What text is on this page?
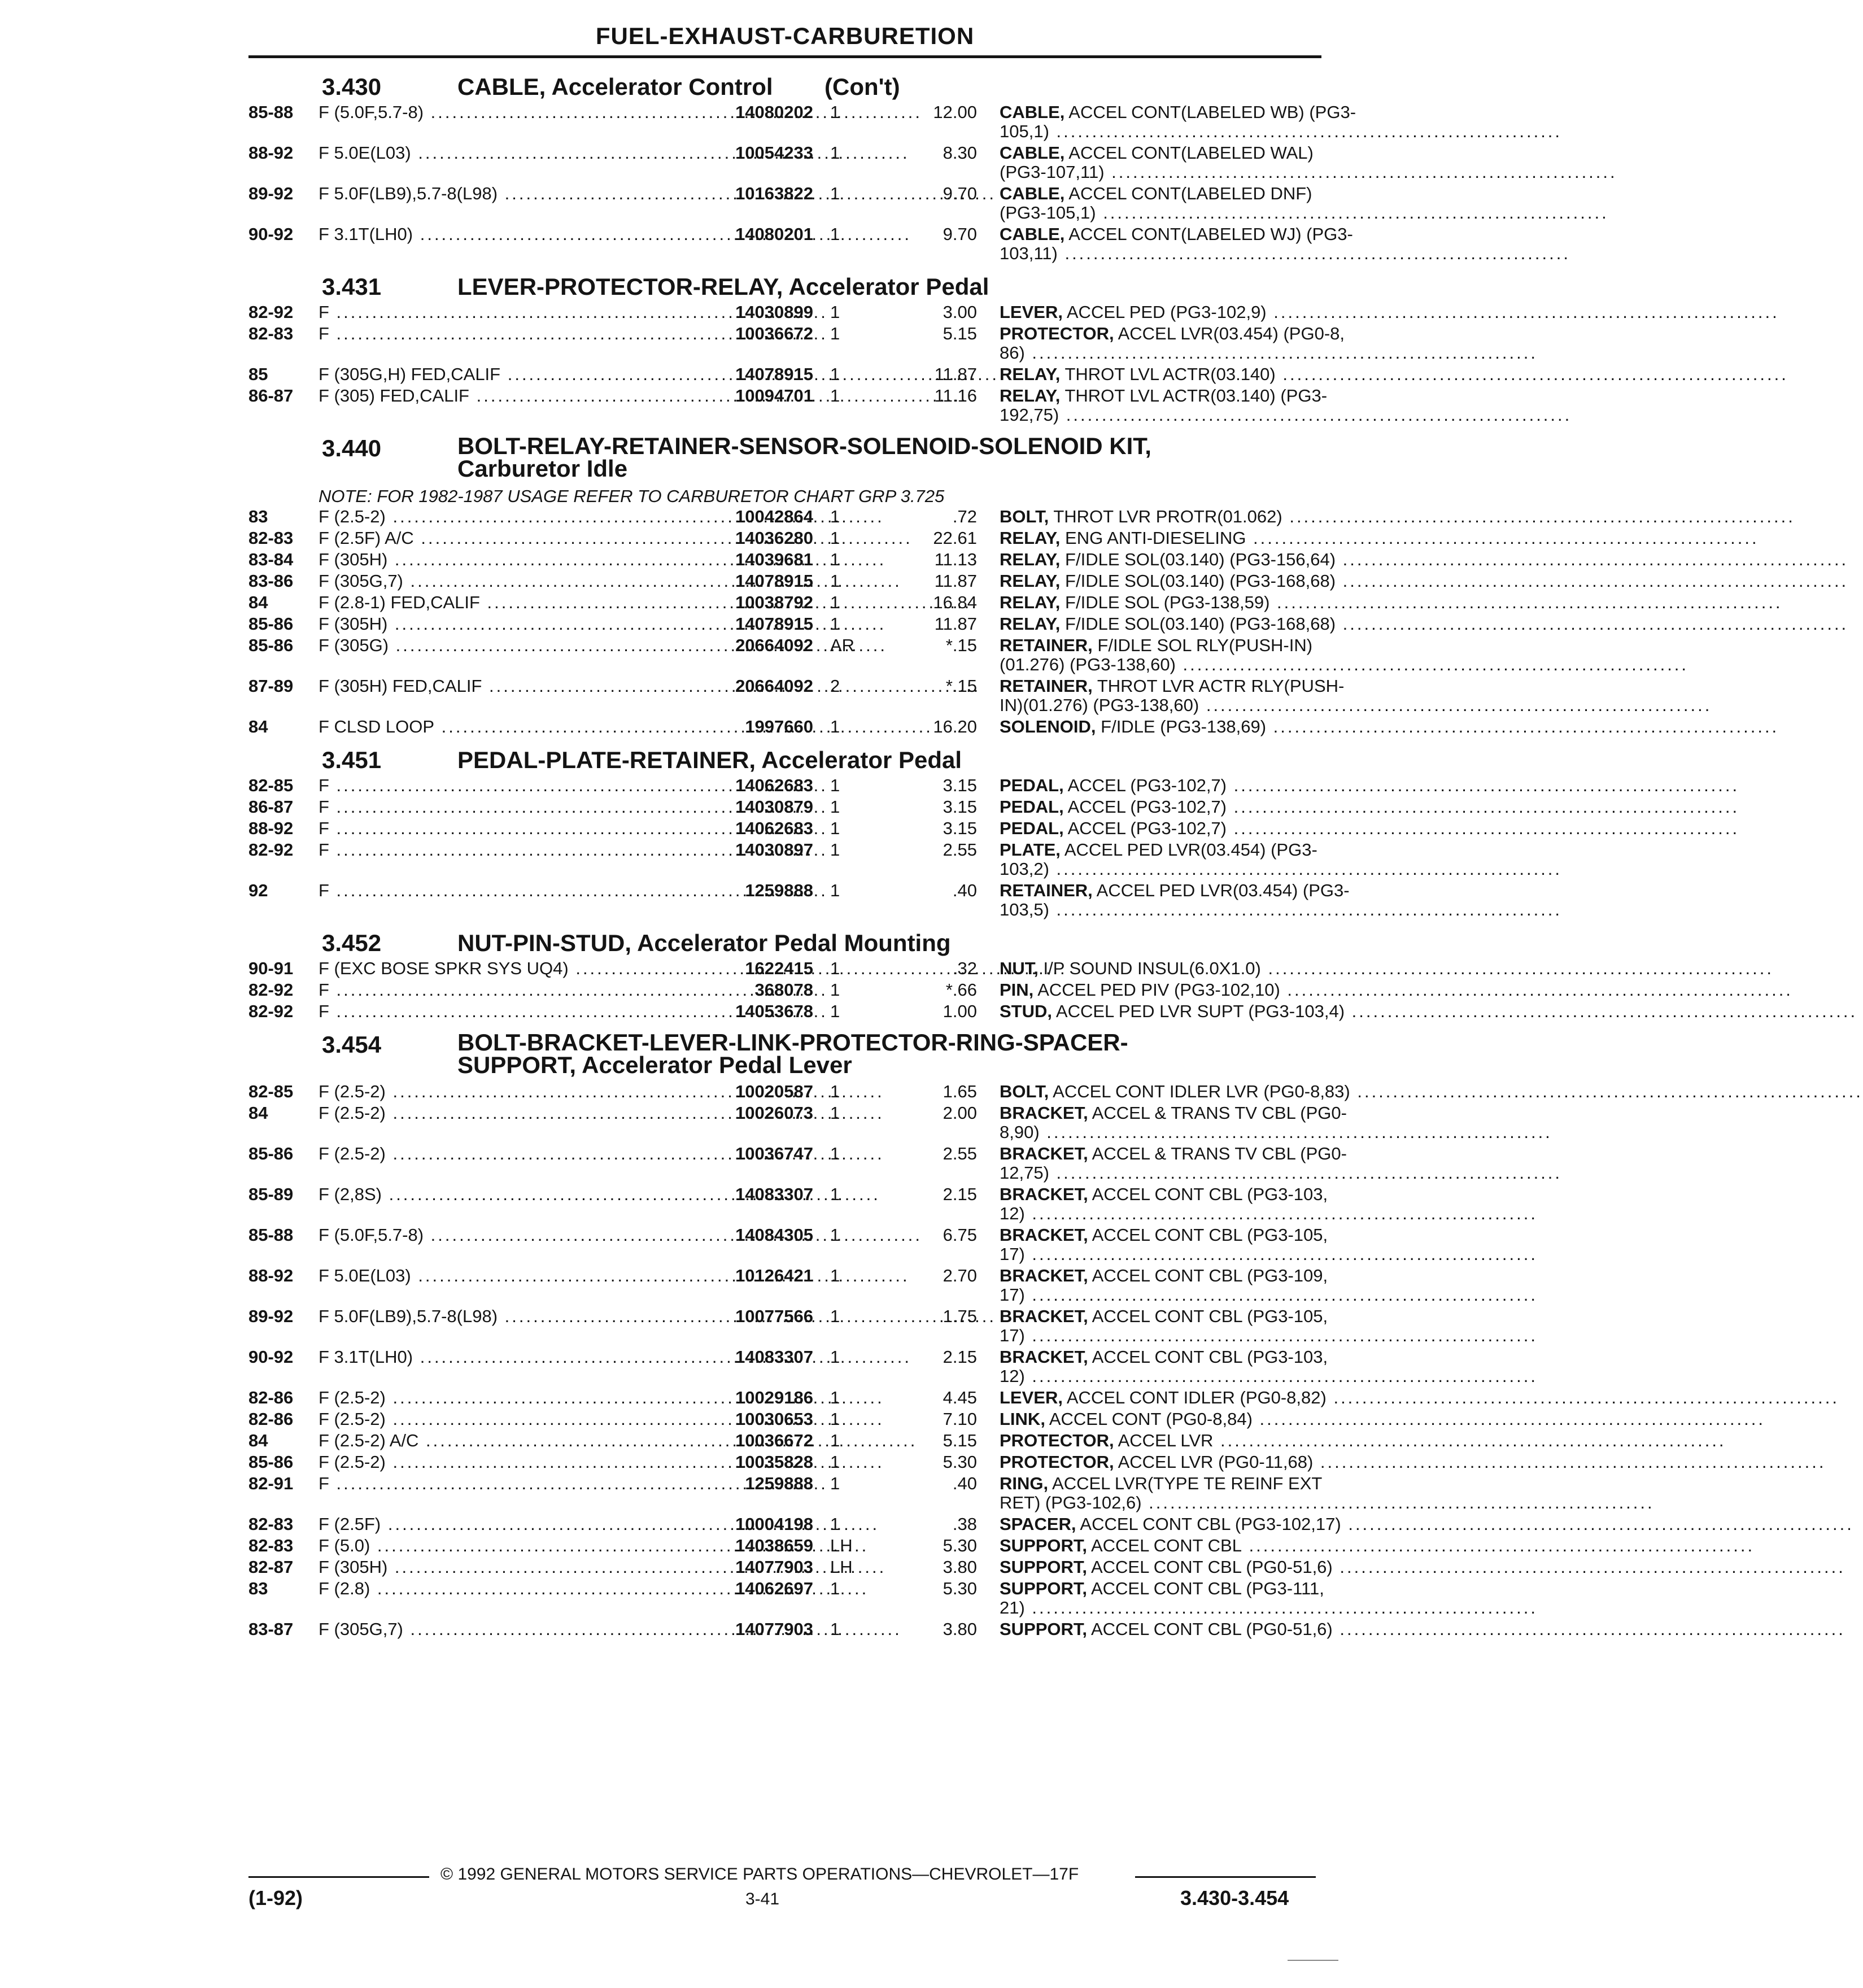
FUEL-EXHAUST-CARBURETION
3.430	CABLE, Accelerator Control	(Con't)
85-88 F (5.0F,5.7-8) .....	14080202 1	12.00 CABLE, ACCEL CONT(LABELED WB) (PG3-
105,1) .....
88-92 F 5.0E(L03) .....	10054233 1	8.30 CABLE, ACCEL CONT(LABELED WAL)
(PG3-107,11) .....
89-92 F 5.0F(LB9),5.7-8(L98) .....	10163822 1	9.70 CABLE, ACCEL CONT(LABELED DNF)
(PG3-105,1) .....
90-92 F 3.1T(LH0) .....	14080201 1	9.70 CABLE, ACCEL CONT(LABELED WJ) (PG3-
103,11) .....
3.431	LEVER-PROTECTOR-RELAY, Accelerator Pedal
82-92 F .....	14030899 1	3.00 LEVER, ACCEL PED (PG3-102,9) .....
82-83 F .....	10036672 1	5.15 PROTECTOR, ACCEL LVR(03.454) (PG0-8,
86) .....
85	F (305G,H) FED,CALIF .....	14078915 1	11.87 RELAY, THROT LVL ACTR(03.140) .....
86-87 F (305) FED,CALIF .....	10094701 1	11.16 RELAY, THROT LVL ACTR(03.140) (PG3-
192,75) .....
3.440	BOLT-RELAY-RETAINER-SENSOR-SOLENOID-SOLENOID KIT,
Carburetor Idle
NOTE: FOR 1982-1987 USAGE REFER TO CARBURETOR CHART GRP 3.725
83	F (2.5-2) .....	10042864 1	.72 BOLT, THROT LVR PROTR(01.062) .....
82-83 F (2.5F) A/C .....	14036280 1	22.61 RELAY, ENG ANTI-DIESELING .....
83-84 F (305H) .....	14039681 1	11.13 RELAY, F/IDLE SOL(03.140) (PG3-156,64) .....
83-86 F (305G,7) .....	14078915 1	11.87 RELAY, F/IDLE SOL(03.140) (PG3-168,68) .....
84	F (2.8-1) FED,CALIF .....	10038792 1	16.84 RELAY, F/IDLE SOL (PG3-138,59) .....
85-86 F (305H) .....	14078915 1	11.87 RELAY, F/IDLE SOL(03.140) (PG3-168,68) .....
85-86 F (305G) .....	20664092 AR	*.15 RETAINER, F/IDLE SOL RLY(PUSH-IN)
(01.276) (PG3-138,60) .....
87-89 F (305H) FED,CALIF .....	20664092 2	*.15 RETAINER, THROT LVR ACTR RLY(PUSH-
IN)(01.276) (PG3-138,60) .....
84	F CLSD LOOP .....	1997660 1	16.20 SOLENOID, F/IDLE (PG3-138,69) .....
3.451	PEDAL-PLATE-RETAINER, Accelerator Pedal
82-85 F .....	14062683 1	3.15 PEDAL, ACCEL (PG3-102,7) .....
86-87 F .....	14030879 1	3.15 PEDAL, ACCEL (PG3-102,7) .....
88-92 F .....	14062683 1	3.15 PEDAL, ACCEL (PG3-102,7) .....
82-92 F .....	14030897 1	2.55 PLATE, ACCEL PED LVR(03.454) (PG3-
103,2) .....
92	F .....	1259888 1	.40 RETAINER, ACCEL PED LVR(03.454) (PG3-
103,5) .....
3.452	NUT-PIN-STUD, Accelerator Pedal Mounting
90-91 F (EXC BOSE SPKR SYS UQ4) .....	1622415 1	.32 NUT, I/P SOUND INSUL(6.0X1.0) .....
82-92 F .....	368078 1	*.66 PIN, ACCEL PED PIV (PG3-102,10) .....
82-92 F .....	14053678 1	1.00 STUD, ACCEL PED LVR SUPT (PG3-103,4) .....
3.454	BOLT-BRACKET-LEVER-LINK-PROTECTOR-RING-SPACER-
SUPPORT, Accelerator Pedal Lever
82-85 F (2.5-2) .....	10020587 1	1.65 BOLT, ACCEL CONT IDLER LVR (PG0-8,83) .....
84	F (2.5-2) .....	10026073 1	2.00 BRACKET, ACCEL & TRANS TV CBL (PG0-
8,90) .....
85-86 F (2.5-2) .....	10036747 1	2.55 BRACKET, ACCEL & TRANS TV CBL (PG0-
12,75) .....
85-89 F (2,8S) .....	14083307 1	2.15 BRACKET, ACCEL CONT CBL (PG3-103,
12) .....
85-88 F (5.0F,5.7-8) .....	14084305 1	6.75 BRACKET, ACCEL CONT CBL (PG3-105,
17) .....
88-92 F 5.0E(L03) .....	10126421 1	2.70 BRACKET, ACCEL CONT CBL (PG3-109,
17) .....
89-92 F 5.0F(LB9),5.7-8(L98) .....	10077566 1	1.75 BRACKET, ACCEL CONT CBL (PG3-105,
17) .....
90-92 F 3.1T(LH0) .....	14083307 1	2.15 BRACKET, ACCEL CONT CBL (PG3-103,
12) .....
82-86 F (2.5-2) .....	10029186 1	4.45 LEVER, ACCEL CONT IDLER (PG0-8,82) .....
82-86 F (2.5-2) .....	10030653 1	7.10 LINK, ACCEL CONT (PG0-8,84) .....
84	F (2.5-2) A/C .....	10036672 1	5.15 PROTECTOR, ACCEL LVR .....
85-86 F (2.5-2) .....	10035828 1	5.30 PROTECTOR, ACCEL LVR (PG0-11,68) .....
82-91 F .....	1259888 1	.40 RING, ACCEL LVR(TYPE TE REINF EXT
RET) (PG3-102,6) .....
82-83 F (2.5F) .....	10004198 1	.38 SPACER, ACCEL CONT CBL (PG3-102,17) .....
82-83 F (5.0) .....	14038659 LH	5.30 SUPPORT, ACCEL CONT CBL .....
82-87 F (305H) .....	14077903 LH	3.80 SUPPORT, ACCEL CONT CBL (PG0-51,6) .....
83	F (2.8) .....	14062697 1	5.30 SUPPORT, ACCEL CONT CBL (PG3-111,
21) .....
83-87 F (305G,7) .....	14077903 1	3.80 SUPPORT, ACCEL CONT CBL (PG0-51,6) .....
© 1992 GENERAL MOTORS SERVICE PARTS OPERATIONS—CHEVROLET—17F
(1-92)	3-41	3.430-3.454
